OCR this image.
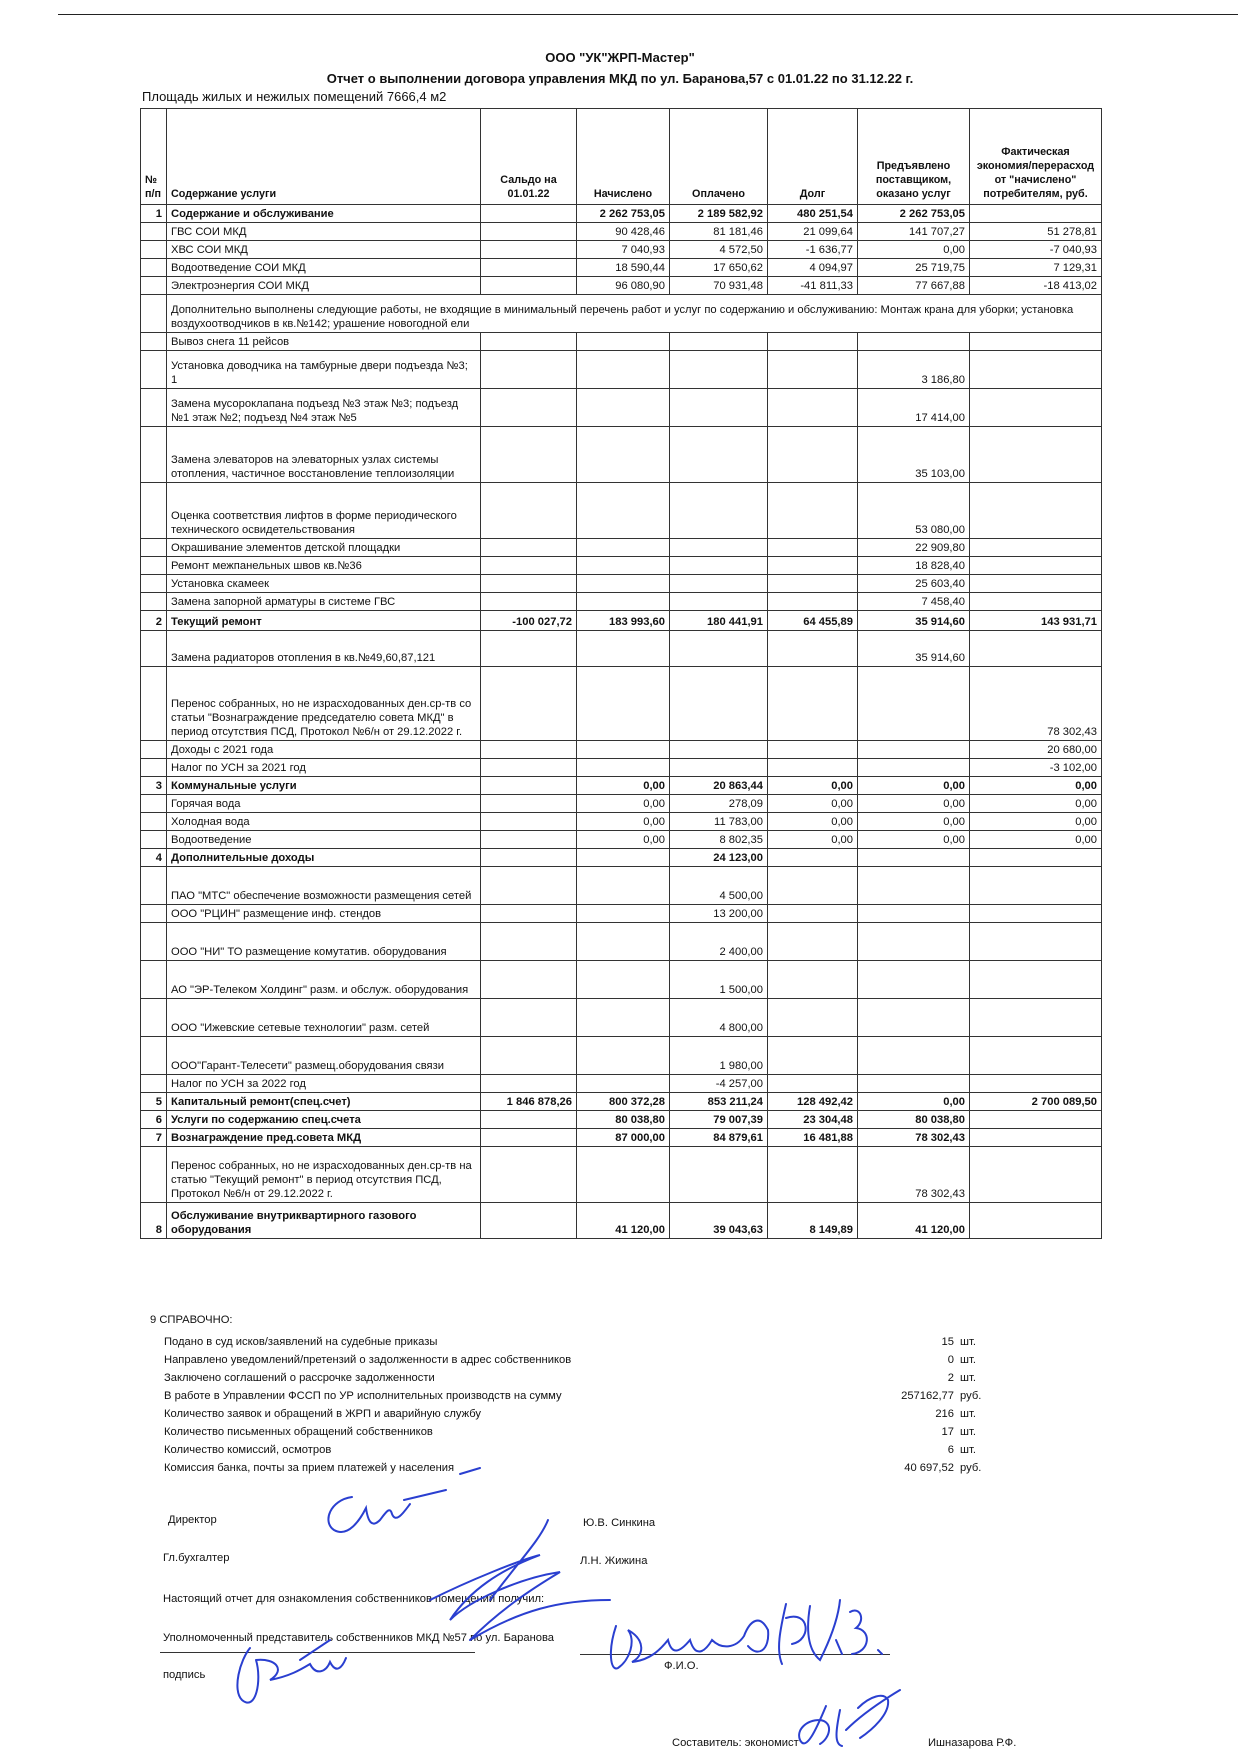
ООО "УК"ЖРП-Мастер"
Отчет о выполнении договора управления МКД по ул. Баранова,57 с 01.01.22 по 31.12.22 г.
Площадь жилых и нежилых помещений 7666,4 м2
№ п/п	Содержание услуги	Сальдо на 01.01.22	Начислено	Оплачено	Долг	Предъявлено поставщиком, оказано услуг	Фактическая экономия/перерасход от "начислено" потребителям, руб.
1	Содержание и обслуживание		2 262 753,05	2 189 582,92	480 251,54	2 262 753,05	
	ГВС СОИ МКД		90 428,46	81 181,46	21 099,64	141 707,27	51 278,81
	ХВС СОИ МКД		7 040,93	4 572,50	-1 636,77	0,00	-7 040,93
	Водоотведение СОИ МКД		18 590,44	17 650,62	4 094,97	25 719,75	7 129,31
	Электроэнергия СОИ МКД		96 080,90	70 931,48	-41 811,33	77 667,88	-18 413,02
	Дополнительно выполнены следующие работы, не входящие в минимальный перечень работ и услуг по содержанию и обслуживанию: Монтаж крана для уборки; установка воздухоотводчиков в кв.№142; урашение новогодной ели						
	Вывоз снега 11 рейсов						
	Установка доводчика на тамбурные двери подъезда №3; 1					3 186,80	
	Замена мусороклапана подъезд №3 этаж №3; подъезд №1 этаж №2; подъезд №4 этаж №5					17 414,00	
	Замена элеваторов на элеваторных узлах системы отопления, частичное восстановление теплоизоляции					35 103,00	
	Оценка соответствия лифтов в форме периодического технического освидетельствования					53 080,00	
	Окрашивание элементов детской площадки					22 909,80	
	Ремонт межпанельных швов кв.№36					18 828,40	
	Установка скамеек					25 603,40	
	Замена запорной арматуры в системе ГВС					7 458,40	
2	Текущий ремонт	-100 027,72	183 993,60	180 441,91	64 455,89	35 914,60	143 931,71
	Замена радиаторов отопления в кв.№49,60,87,121					35 914,60	
	Перенос собранных, но не израсходованных ден.ср-тв со статьи "Вознаграждение председателю совета МКД" в период отсутствия ПСД, Протокол №6/н от 29.12.2022 г.						78 302,43
	Доходы с 2021 года						20 680,00
	Налог по УСН за 2021 год						-3 102,00
3	Коммунальные услуги		0,00	20 863,44	0,00	0,00	0,00
	Горячая вода		0,00	278,09	0,00	0,00	0,00
	Холодная вода		0,00	11 783,00	0,00	0,00	0,00
	Водоотведение		0,00	8 802,35	0,00	0,00	0,00
4	Дополнительные доходы			24 123,00			
	ПАО "МТС" обеспечение возможности размещения сетей			4 500,00			
	ООО "РЦИН" размещение инф. стендов			13 200,00			
	ООО "НИ" ТО размещение комутатив. оборудования			2 400,00			
	АО "ЭР-Телеком Холдинг" разм. и обслуж. оборудования			1 500,00			
	ООО "Ижевские сетевые технологии" разм. сетей			4 800,00			
	ООО"Гарант-Телесети" размещ.оборудования связи			1 980,00			
	Налог по УСН за 2022 год			-4 257,00			
5	Капитальный ремонт(спец.счет)	1 846 878,26	800 372,28	853 211,24	128 492,42	0,00	2 700 089,50
6	Услуги по содержанию спец.счета		80 038,80	79 007,39	23 304,48	80 038,80	
7	Вознаграждение пред.совета МКД		87 000,00	84 879,61	16 481,88	78 302,43	
	Перенос собранных, но не израсходованных ден.ср-тв на статью "Текущий ремонт" в период отсутствия ПСД, Протокол №6/н от 29.12.2022 г.					78 302,43	
8	Обслуживание внутриквартирного газового оборудования		41 120,00	39 043,63	8 149,89	41 120,00	
9 СПРАВОЧНО:
Подано в суд исков/заявлений на судебные приказы	15 шт.
Направлено уведомлений/претензий о задолженности в адрес собственников	0 шт.
Заключено соглашений о рассрочке задолженности	2 шт.
В работе в Управлении ФССП по УР исполнительных производств на сумму	257162,77 руб.
Количество заявок и обращений в ЖРП и аварийную службу	216 шт.
Количество письменных обращений собственников	17 шт.
Количество комиссий, осмотров	6 шт.
Комиссия банка, почты за прием платежей у населения	40 697,52 руб.
Директор	Ю.В. Синкина
Гл.бухгалтер	Л.Н. Жижина
Настоящий отчет для ознакомления собственников помещений получил:
Уполномоченный представитель собственников МКД №57 по ул. Баранова
подпись
Ф.И.О.
Составитель: экономист	Ишназарова Р.Ф.
